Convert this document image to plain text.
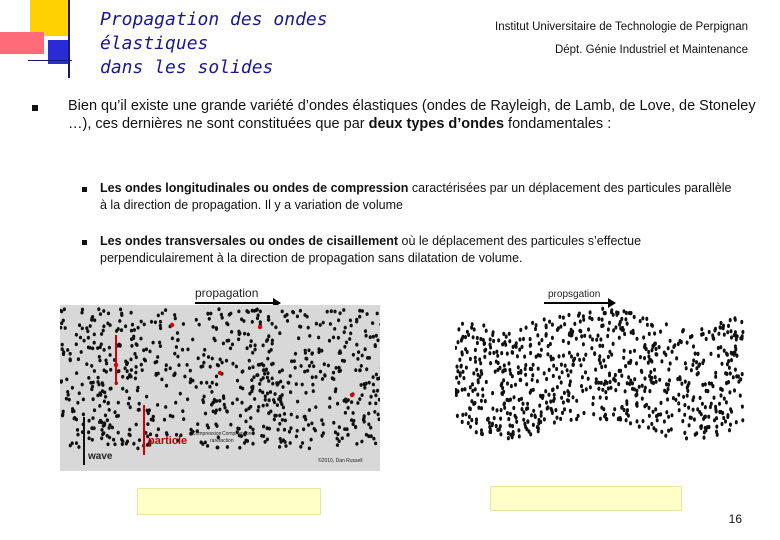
Propagation des ondes élastiques
dans les solides
Institut Universitaire de Technologie de Perpignan
Dépt. Génie Industriel et Maintenance
Bien qu’il existe une grande variété d’ondes élastiques (ondes de Rayleigh, de Lamb, de Love, de Stoneley …), ces dernières ne sont constituées que par deux types d’ondes fondamentales :
Les ondes longitudinales ou ondes de compression caractérisées par un déplacement des particules parallèle à la direction de propagation. Il y a variation de volume
Les ondes transversales ou ondes de cisaillement où le déplacement des particules s’effectue perpendiculairement à la direction de propagation sans dilatation de volume.
propagation
wave
particle
Compression Compression
rarefaction
©2010, Dan Russell
propsgation
16
